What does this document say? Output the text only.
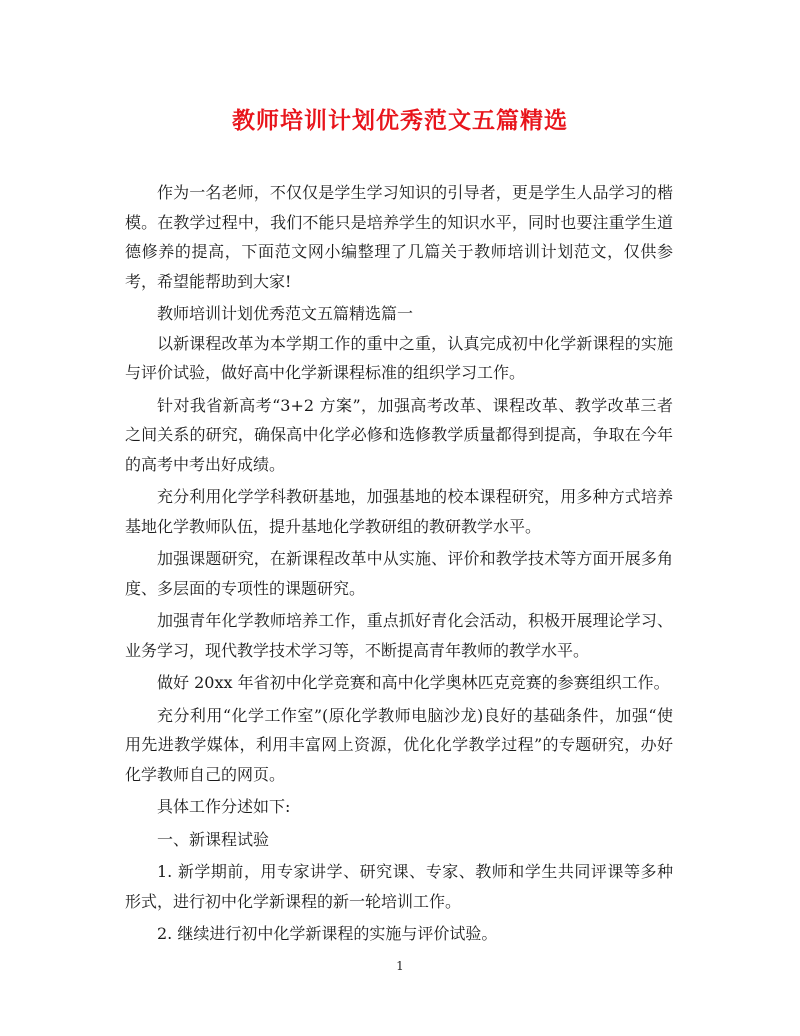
教师培训计划优秀范文五篇精选

作为一名老师，不仅仅是学生学习知识的引导者，更是学生人品学习的楷模。在教学过程中，我们不能只是培养学生的知识水平，同时也要注重学生道德修养的提高，下面范文网小编整理了几篇关于教师培训计划范文，仅供参考，希望能帮助到大家!

教师培训计划优秀范文五篇精选篇一

以新课程改革为本学期工作的重中之重，认真完成初中化学新课程的实施与评价试验，做好高中化学新课程标准的组织学习工作。

针对我省新高考“3+2 方案”，加强高考改革、课程改革、教学改革三者之间关系的研究，确保高中化学必修和选修教学质量都得到提高，争取在今年的高考中考出好成绩。

充分利用化学学科教研基地，加强基地的校本课程研究，用多种方式培养基地化学教师队伍，提升基地化学教研组的教研教学水平。

加强课题研究，在新课程改革中从实施、评价和教学技术等方面开展多角度、多层面的专项性的课题研究。

加强青年化学教师培养工作，重点抓好青化会活动，积极开展理论学习、业务学习，现代教学技术学习等，不断提高青年教师的教学水平。

做好 20xx 年省初中化学竞赛和高中化学奥林匹克竞赛的参赛组织工作。

充分利用“化学工作室”(原化学教师电脑沙龙)良好的基础条件，加强“使用先进教学媒体，利用丰富网上资源，优化化学教学过程”的专题研究，办好化学教师自己的网页。

具体工作分述如下:

一、新课程试验

1. 新学期前，用专家讲学、研究课、专家、教师和学生共同评课等多种形式，进行初中化学新课程的新一轮培训工作。

2. 继续进行初中化学新课程的实施与评价试验。

1
